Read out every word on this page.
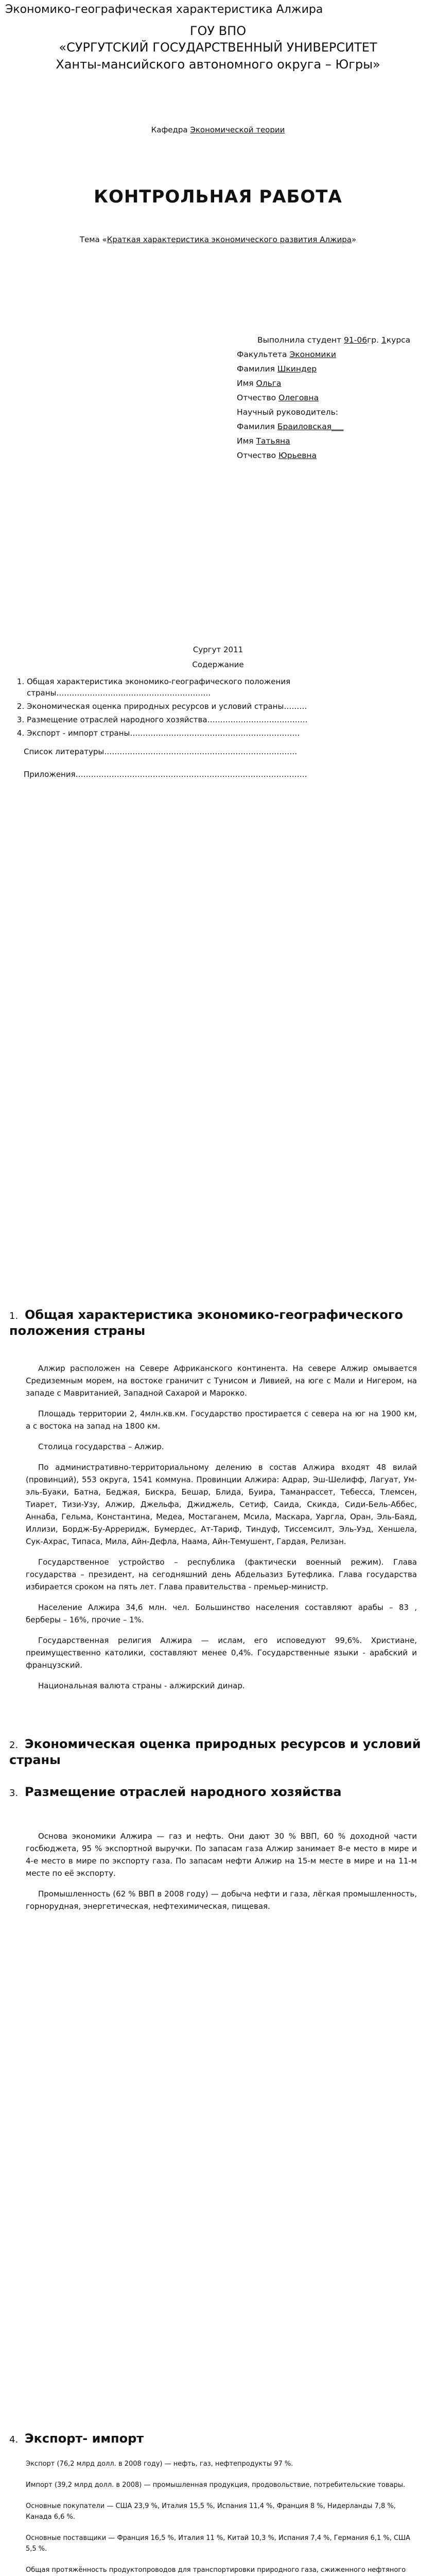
Экономико-географическая характеристика Алжира
ГОУ ВПО
«СУРГУТСКИЙ ГОСУДАРСТВЕННЫЙ УНИВЕРСИТЕТ
Ханты-мансийского автономного округа – Югры»
Кафедра Экономической теории
КОНТРОЛЬНАЯ РАБОТА
Тема «Краткая характеристика экономического развития Алжира»
Выполнила студент 91-06гр. 1курса
Факультета Экономики
Фамилия Шкиндер
Имя Ольга
Отчество Олеговна
Научный руководитель:
Фамилия Браиловская___
Имя Татьяна
Отчество Юрьевна
Сургут 2011
Содержание
1. Общая характеристика экономико-географического положения страны……………………………………………………
2. Экономическая оценка природных ресурсов и условий страны………
3. Размещение отраслей народного хозяйства…………………………………
4. Экспорт - импорт страны…………………………………………………………
Список литературы…………………………………………………………………
Приложения………………………………………………………………………………
1. Общая характеристика экономико-географического положения страны

Алжир расположен на Севере Африканского континента. На севере Алжир омывается Средиземным морем, на востоке граничит с Тунисом и Ливией, на юге с Мали и Нигером, на западе с Мавританией, Западной Сахарой и Марокко.

Площадь территории 2, 4млн.кв.км. Государство простирается с севера на юг на 1900 км, а с востока на запад на 1800 км.

Столица государства – Алжир.

По административно-территориальному делению в состав Алжира входят 48 вилай (провинций), 553 округа, 1541 коммуна. Провинции Алжира: Адрар, Эш-Шелифф, Лагуат, Ум-эль-Буаки, Батна, Беджая, Бискра, Бешар, Блида, Буира, Таманрассет, Тебесса, Тлемсен, Тиарет, Тизи-Узу, Алжир, Джельфа, Джиджель, Сетиф, Саида, Скикда, Сиди-Бель-Аббес, Аннаба, Гельма, Константина, Медеа, Мостаганем, Мсила, Маскара, Уаргла, Оран, Эль-Баяд, Иллизи, Бордж-Бу-Арреридж, Бумердес, Ат-Тариф, Тиндуф, Тиссемсилт, Эль-Уэд, Хеншела, Сук-Ахрас, Типаса, Мила, Айн-Дефла, Наама, Айн-Темушент, Гардая, Релизан.

Государственное устройство – республика (фактически военный режим). Глава государства – президент, на сегодняшний день Абдельазиз Бутефлика. Глава государства избирается сроком на пять лет. Глава правительства - премьер-министр.

Население Алжира 34,6 млн. чел. Большинство населения составляют арабы – 83 , берберы – 16%, прочие – 1%.

Государственная религия Алжира — ислам, его исповедуют 99,6%. Христиане, преимущественно католики, составляют менее 0,4%. Государственные языки - арабский и французский.

Национальная валюта страны - алжирский динар.

2. Экономическая оценка природных ресурсов и условий страны
3. Размещение отраслей народного хозяйства

Основа экономики Алжира — газ и нефть. Они дают 30 % ВВП, 60 % доходной части госбюджета, 95 % экспортной выручки. По запасам газа Алжир занимает 8-е место в мире и 4-е место в мире по экспорту газа. По запасам нефти Алжир на 15-м месте в мире и на 11-м месте по её экспорту.

Промышленность (62 % ВВП в 2008 году) — добыча нефти и газа, лёгкая промышленность, горнорудная, энергетическая, нефтехимическая, пищевая.

4. Экспорт- импорт

Экспорт (76,2 млрд долл. в 2008 году) — нефть, газ, нефтепродукты 97 %.

Импорт (39,2 млрд долл. в 2008) — промышленная продукция, продовольствие, потребительские товары.

Основные покупатели — США 23,9 %, Италия 15,5 %, Испания 11,4 %, Франция 8 %, Нидерланды 7,8 %, Канада 6,6 %.

Основные поставщики — Франция 16,5 %, Италия 11 %, Китай 10,3 %, Испания 7,4 %, Германия 6,1 %, США 5,5 %.

Общая протяжённость продуктопроводов для транспортировки природного газа, сжиженного нефтяного
